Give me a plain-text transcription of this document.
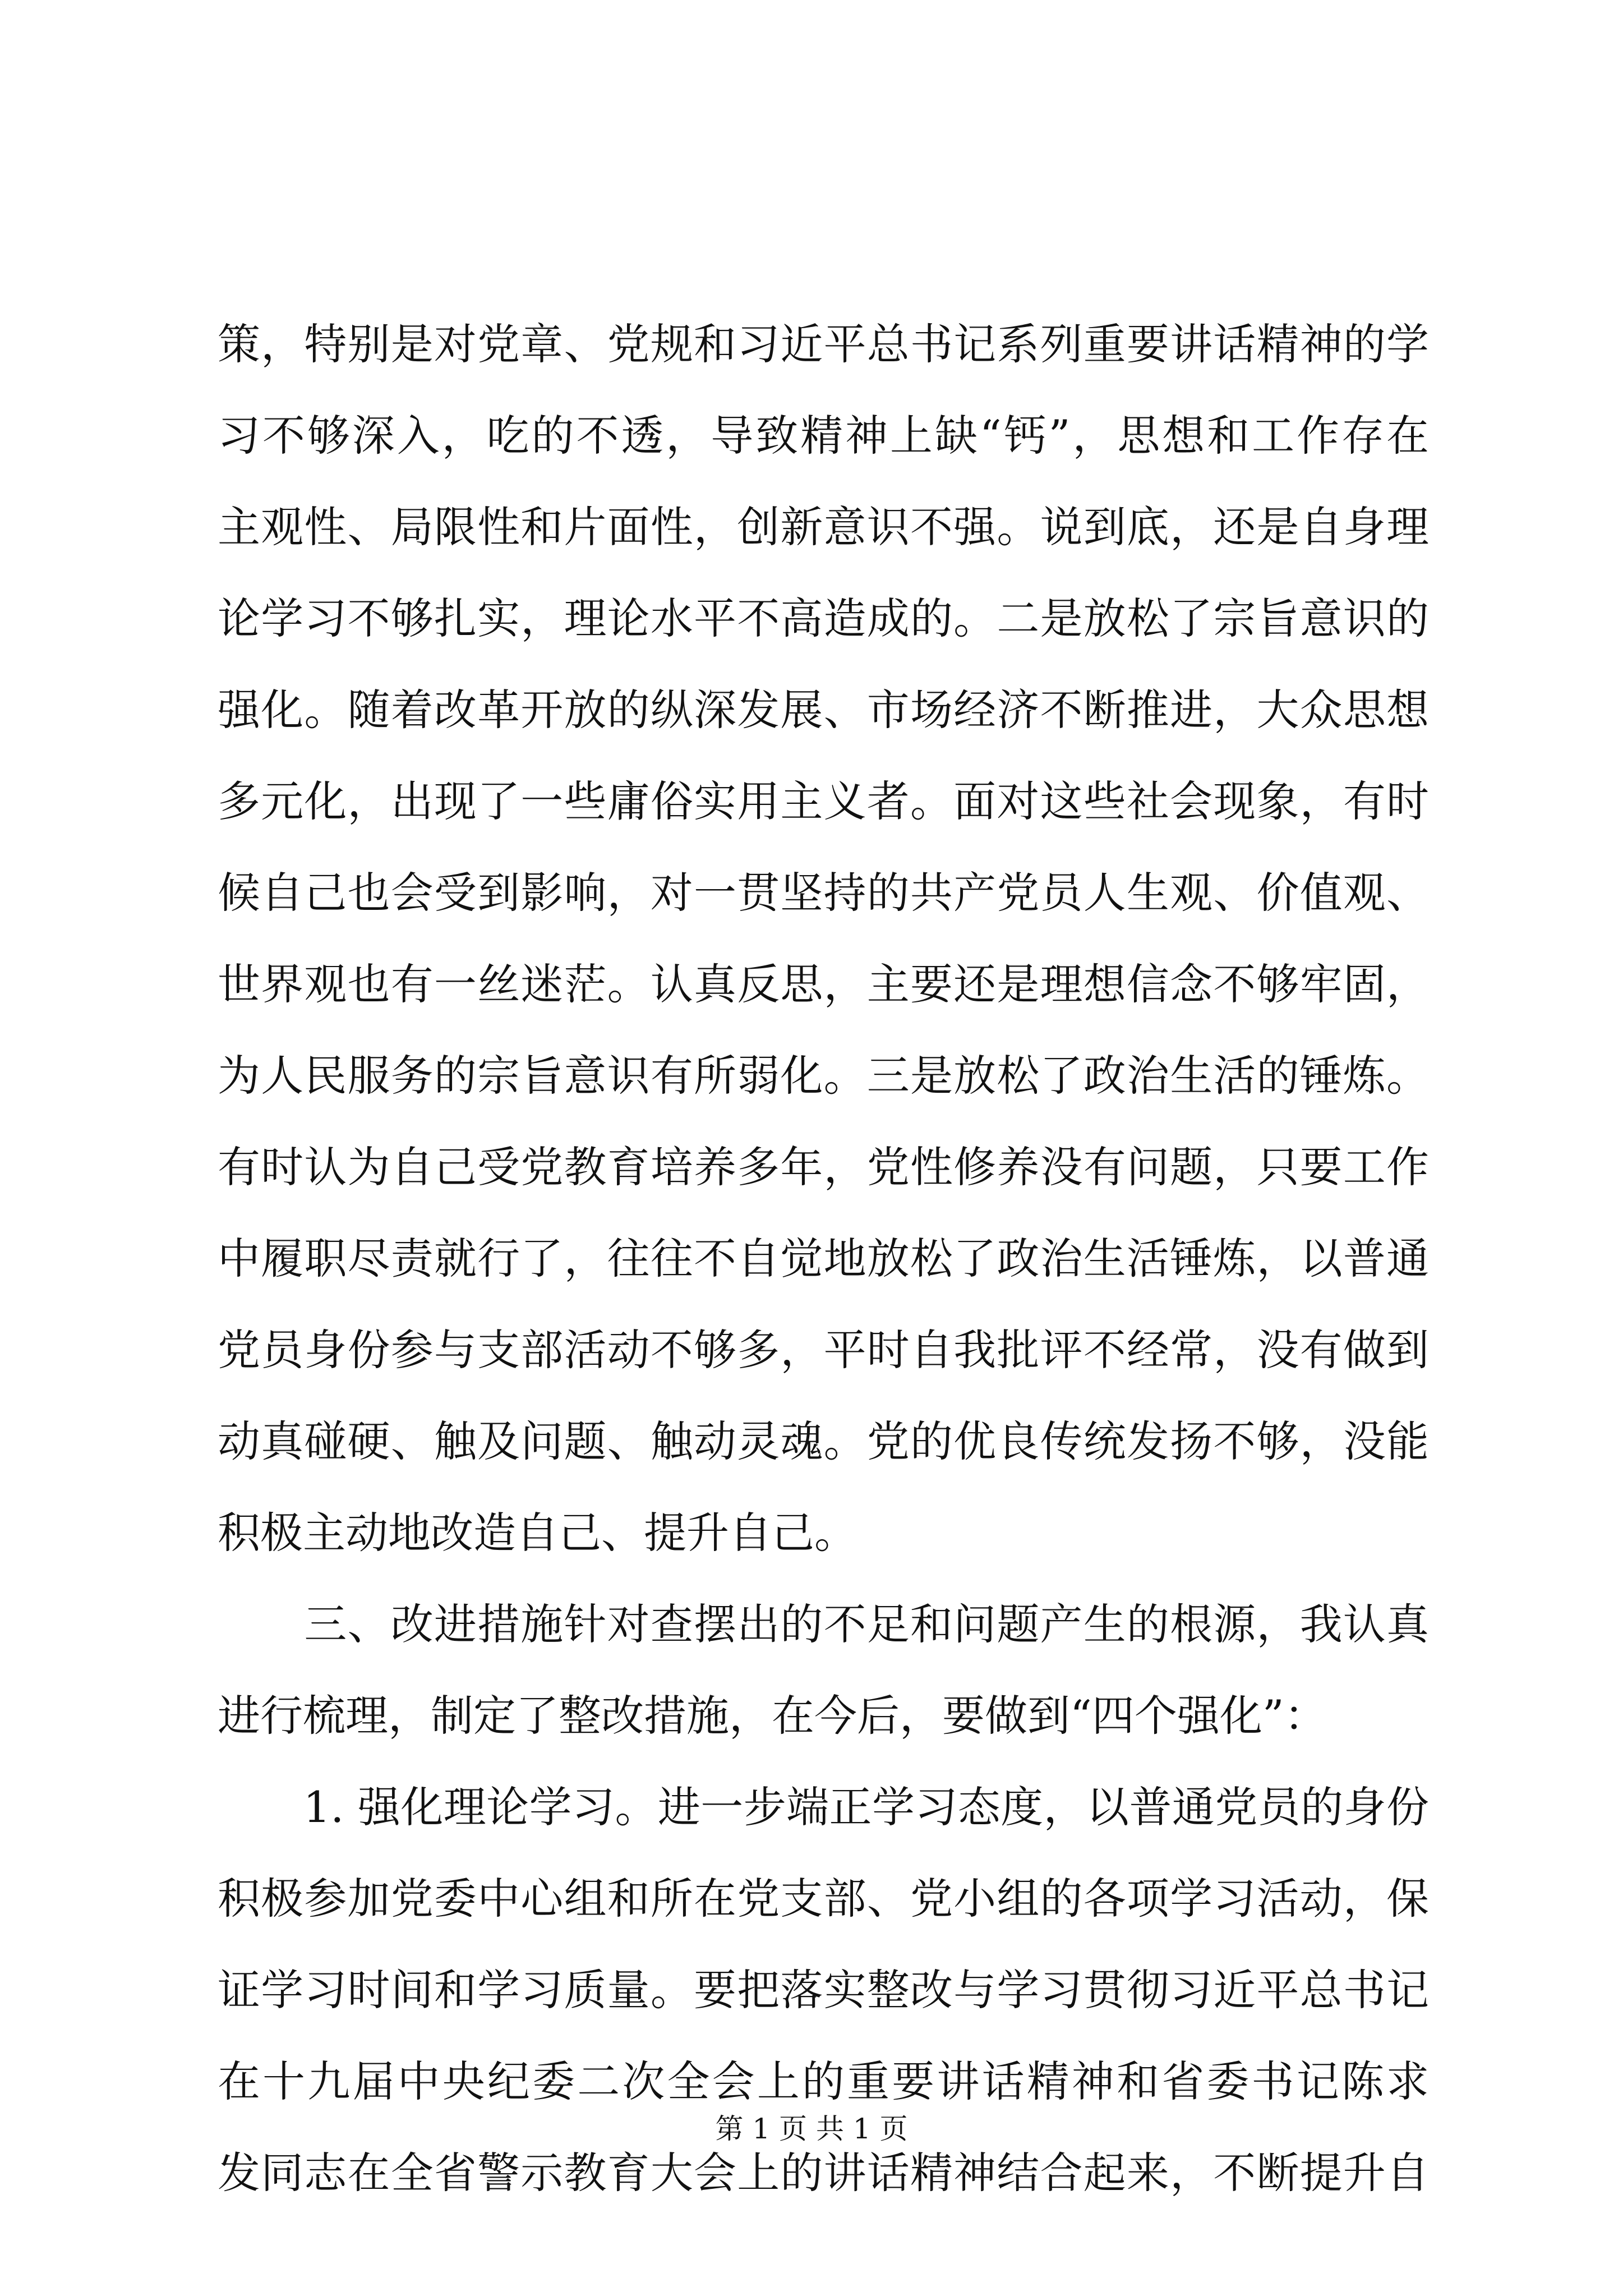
策，特别是对党章、党规和习近平总书记系列重要讲话精神的学
习不够深入，吃的不透，导致精神上缺“钙”，思想和工作存在
主观性、局限性和片面性，创新意识不强。说到底，还是自身理
论学习不够扎实，理论水平不高造成的。二是放松了宗旨意识的
强化。随着改革开放的纵深发展、市场经济不断推进，大众思想
多元化，出现了一些庸俗实用主义者。面对这些社会现象，有时
候自己也会受到影响，对一贯坚持的共产党员人生观、价值观、
世界观也有一丝迷茫。认真反思，主要还是理想信念不够牢固，
为人民服务的宗旨意识有所弱化。三是放松了政治生活的锤炼。
有时认为自己受党教育培养多年，党性修养没有问题，只要工作
中履职尽责就行了，往往不自觉地放松了政治生活锤炼，以普通
党员身份参与支部活动不够多，平时自我批评不经常，没有做到
动真碰硬、触及问题、触动灵魂。党的优良传统发扬不够，没能
积极主动地改造自己、提升自己。
　　三、改进措施针对查摆出的不足和问题产生的根源，我认真
进行梳理，制定了整改措施，在今后，要做到“四个强化”：
　　1. 强化理论学习。进一步端正学习态度，以普通党员的身份
积极参加党委中心组和所在党支部、党小组的各项学习活动，保
证学习时间和学习质量。要把落实整改与学习贯彻习近平总书记
在十九届中央纪委二次全会上的重要讲话精神和省委书记陈求
发同志在全省警示教育大会上的讲话精神结合起来，不断提升自
第 1 页 共 1 页
